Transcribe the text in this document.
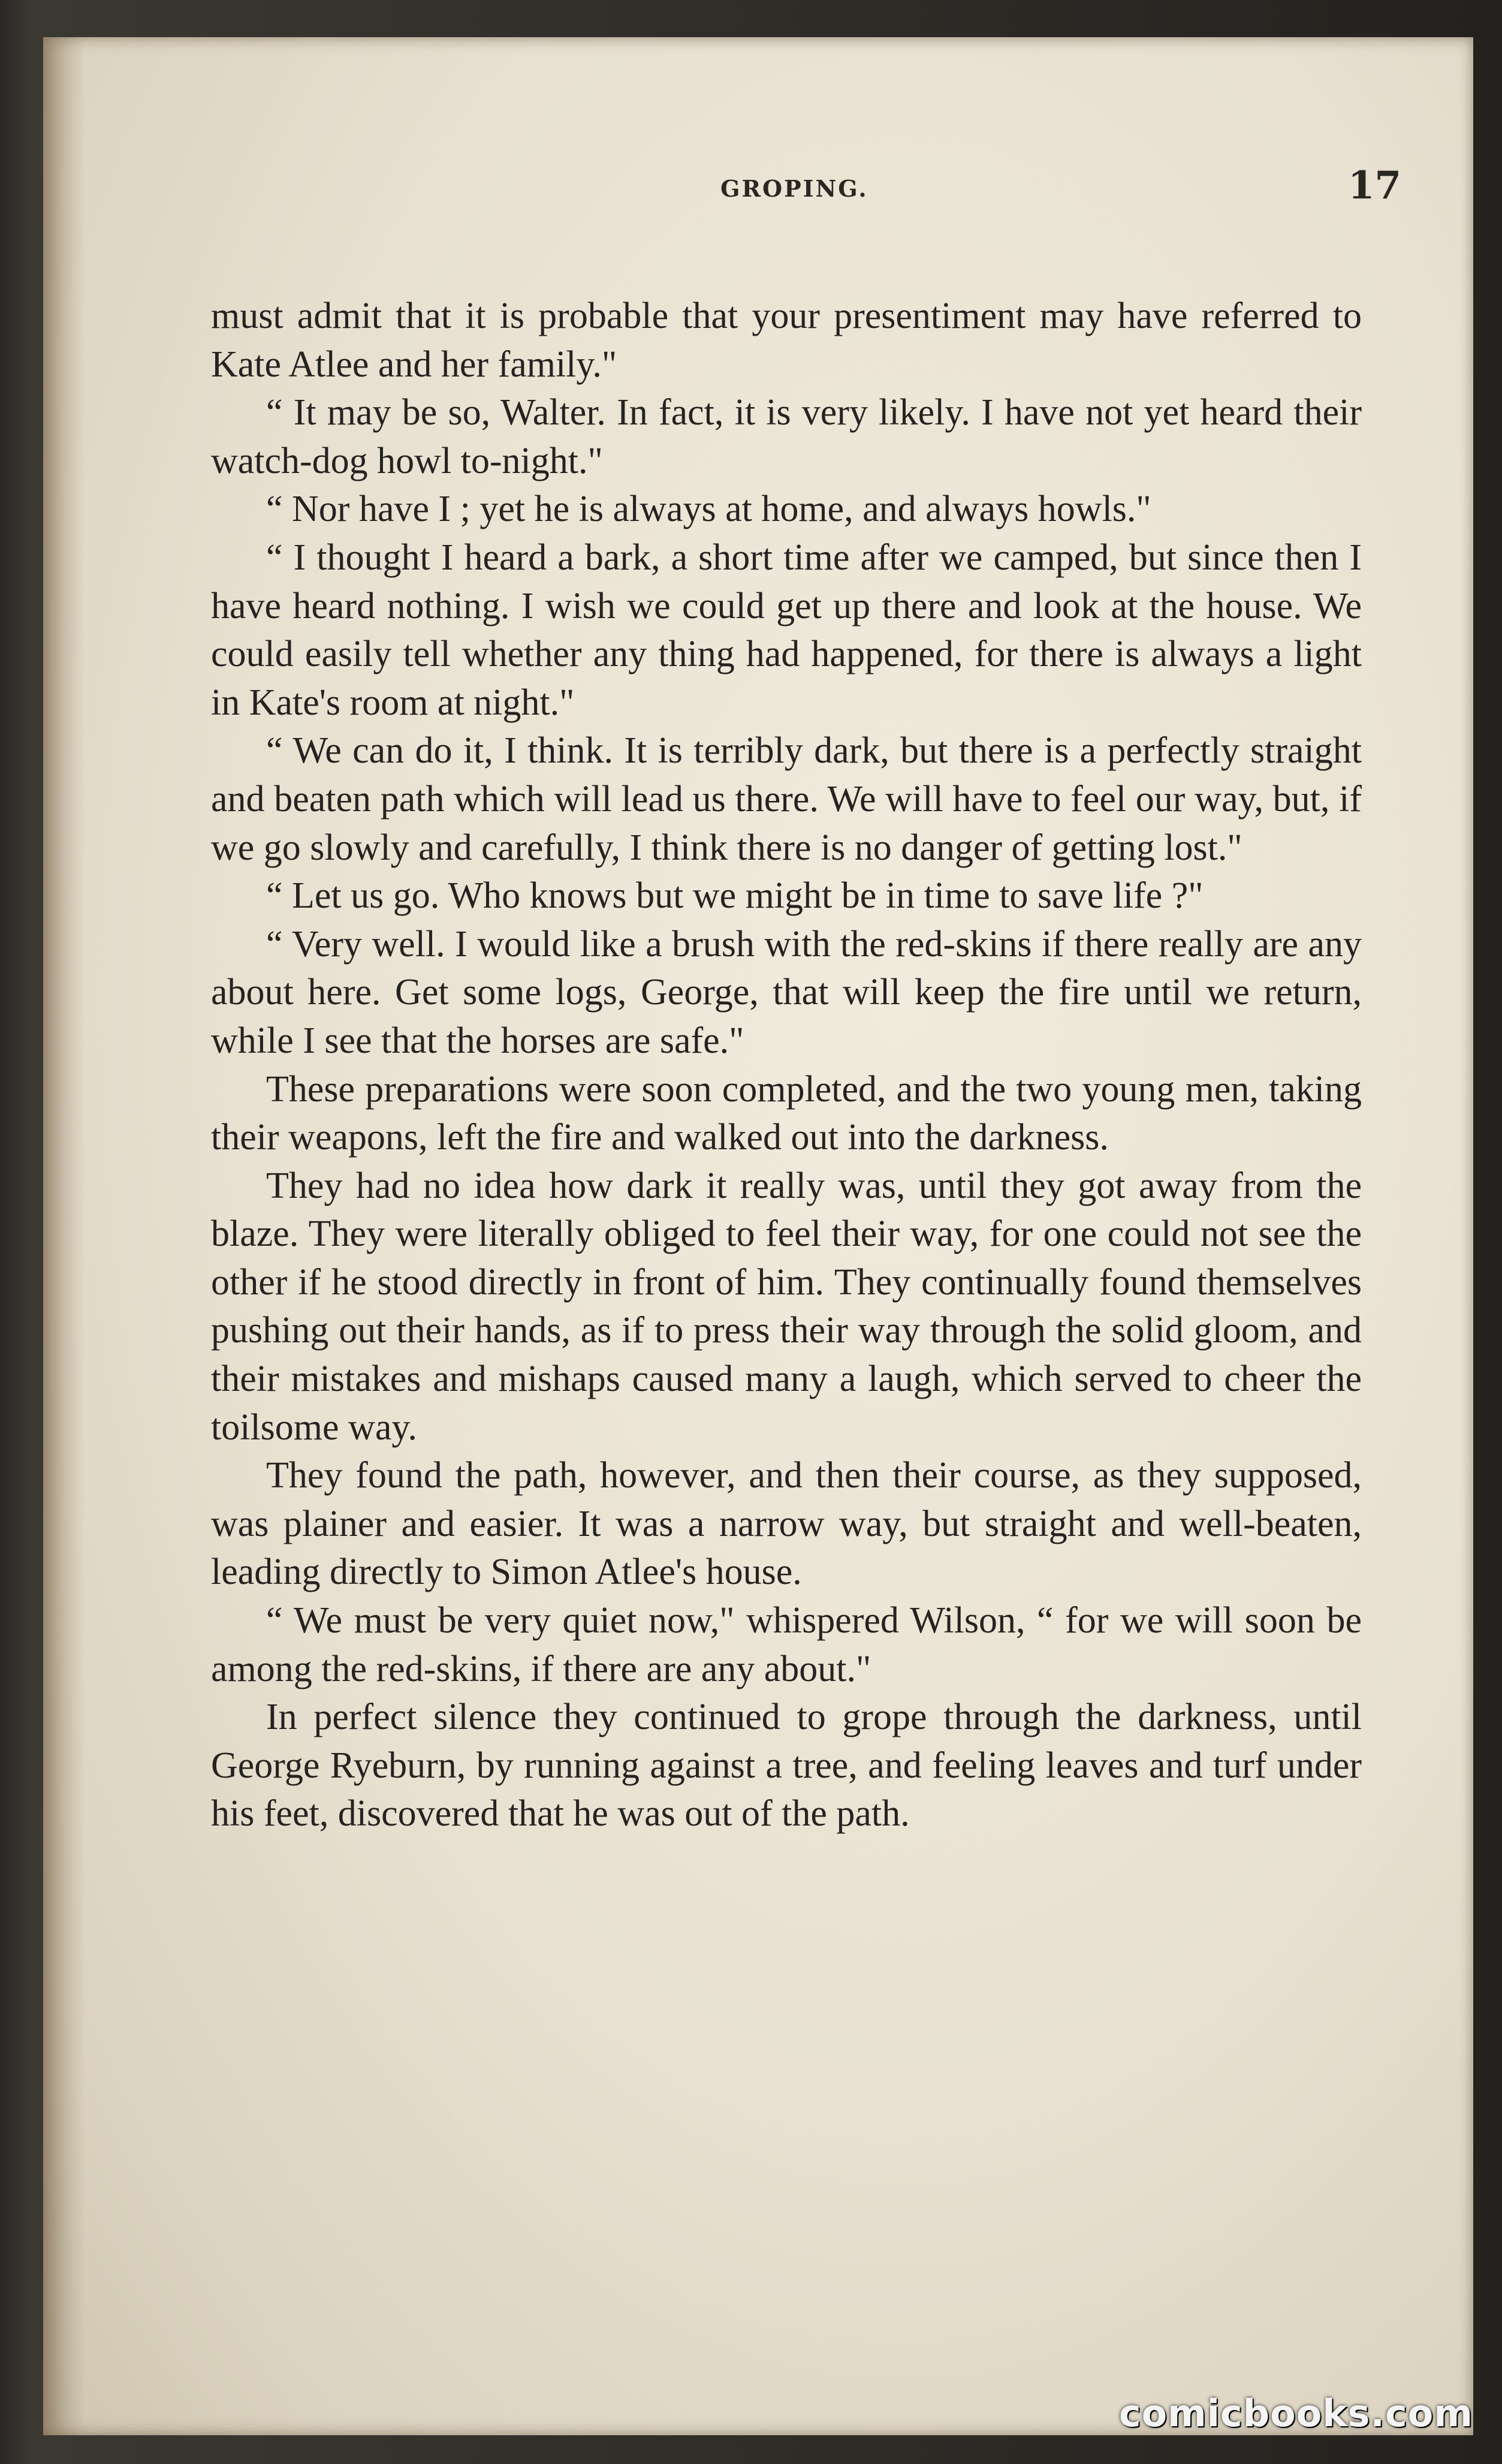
GROPING.	17

must admit that it is probable that your presentiment may have referred to Kate Atlee and her family."

“ It may be so, Walter. In fact, it is very likely. I have not yet heard their watch-dog howl to-night."

“ Nor have I ; yet he is always at home, and always howls."

“ I thought I heard a bark, a short time after we camped, but since then I have heard nothing. I wish we could get up there and look at the house. We could easily tell whether any thing had happened, for there is always a light in Kate's room at night."

“ We can do it, I think. It is terribly dark, but there is a perfectly straight and beaten path which will lead us there. We will have to feel our way, but, if we go slowly and carefully, I think there is no danger of getting lost."

“ Let us go. Who knows but we might be in time to save life ?"

“ Very well. I would like a brush with the red-skins if there really are any about here. Get some logs, George, that will keep the fire until we return, while I see that the horses are safe."

These preparations were soon completed, and the two young men, taking their weapons, left the fire and walked out into the darkness.

They had no idea how dark it really was, until they got away from the blaze. They were literally obliged to feel their way, for one could not see the other if he stood directly in front of him. They continually found themselves pushing out their hands, as if to press their way through the solid gloom, and their mistakes and mishaps caused many a laugh, which served to cheer the toilsome way.

They found the path, however, and then their course, as they supposed, was plainer and easier. It was a narrow way, but straight and well-beaten, leading directly to Simon Atlee's house.

“ We must be very quiet now," whispered Wilson, “ for we will soon be among the red-skins, if there are any about."

In perfect silence they continued to grope through the darkness, until George Ryeburn, by running against a tree, and feeling leaves and turf under his feet, discovered that he was out of the path.

comicbooks.com
